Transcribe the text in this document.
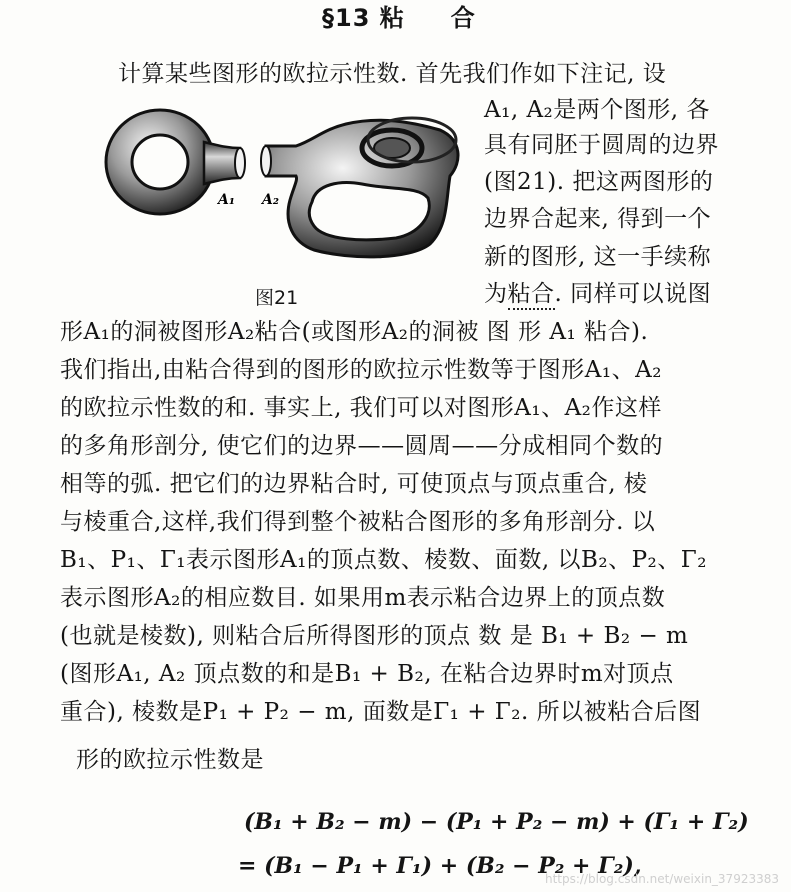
§13 粘 合
计算某些图形的欧拉示性数. 首先我们作如下注记, 设
A₁ A₂
图21
A₁, A₂是两个图形, 各
具有同胚于圆周的边界
(图21). 把这两图形的
边界合起来, 得到一个
新的图形, 这一手续称
为粘合. 同样可以说图
形A₁的洞被图形A₂粘合(或图形A₂的洞被 图 形 A₁ 粘合).
我们指出,由粘合得到的图形的欧拉示性数等于图形A₁、A₂
的欧拉示性数的和. 事实上, 我们可以对图形A₁、A₂作这样
的多角形剖分, 使它们的边界——圆周——分成相同个数的
相等的弧. 把它们的边界粘合时, 可使顶点与顶点重合, 棱
与棱重合,这样,我们得到整个被粘合图形的多角形剖分. 以
B₁、P₁、Γ₁表示图形A₁的顶点数、棱数、面数, 以B₂、P₂、Γ₂
表示图形A₂的相应数目. 如果用m表示粘合边界上的顶点数
(也就是棱数), 则粘合后所得图形的顶点 数 是 B₁ + B₂ − m
(图形A₁, A₂ 顶点数的和是B₁ + B₂, 在粘合边界时m对顶点
重合), 棱数是P₁ + P₂ − m, 面数是Γ₁ + Γ₂. 所以被粘合后图
形的欧拉示性数是
(B₁ + B₂ − m) − (P₁ + P₂ − m) + (Γ₁ + Γ₂)
= (B₁ − P₁ + Γ₁) + (B₂ − P₂ + Γ₂),
https://blog.csdn.net/weixin_37923383
